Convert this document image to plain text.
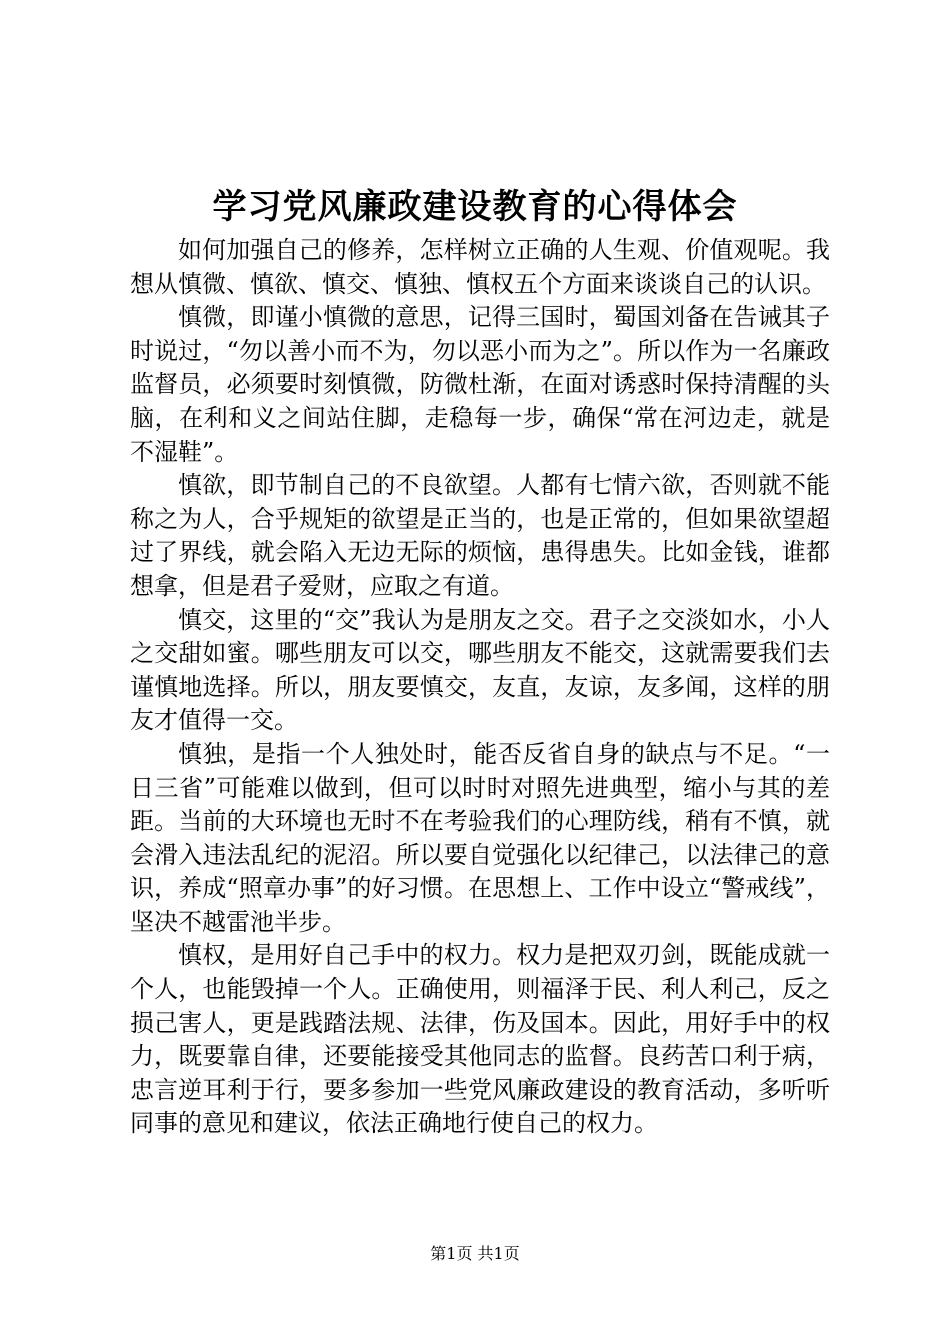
学习党风廉政建设教育的心得体会

如何加强自己的修养，怎样树立正确的人生观、价值观呢。我想从慎微、慎欲、慎交、慎独、慎权五个方面来谈谈自己的认识。

慎微，即谨小慎微的意思，记得三国时，蜀国刘备在告诫其子时说过，“勿以善小而不为，勿以恶小而为之”。所以作为一名廉政监督员，必须要时刻慎微，防微杜渐，在面对诱惑时保持清醒的头脑，在利和义之间站住脚，走稳每一步，确保“常在河边走，就是不湿鞋”。

慎欲，即节制自己的不良欲望。人都有七情六欲，否则就不能称之为人，合乎规矩的欲望是正当的，也是正常的，但如果欲望超过了界线，就会陷入无边无际的烦恼，患得患失。比如金钱，谁都想拿，但是君子爱财，应取之有道。

慎交，这里的“交”我认为是朋友之交。君子之交淡如水，小人之交甜如蜜。哪些朋友可以交，哪些朋友不能交，这就需要我们去谨慎地选择。所以，朋友要慎交，友直，友谅，友多闻，这样的朋友才值得一交。

慎独，是指一个人独处时，能否反省自身的缺点与不足。“一日三省”可能难以做到，但可以时时对照先进典型，缩小与其的差距。当前的大环境也无时不在考验我们的心理防线，稍有不慎，就会滑入违法乱纪的泥沼。所以要自觉强化以纪律己，以法律己的意识，养成“照章办事”的好习惯。在思想上、工作中设立“警戒线”，坚决不越雷池半步。

慎权，是用好自己手中的权力。权力是把双刃剑，既能成就一个人，也能毁掉一个人。正确使用，则福泽于民、利人利己，反之损己害人，更是践踏法规、法律，伤及国本。因此，用好手中的权力，既要靠自律，还要能接受其他同志的监督。良药苦口利于病，忠言逆耳利于行，要多参加一些党风廉政建设的教育活动，多听听同事的意见和建议，依法正确地行使自己的权力。

第1页 共1页
